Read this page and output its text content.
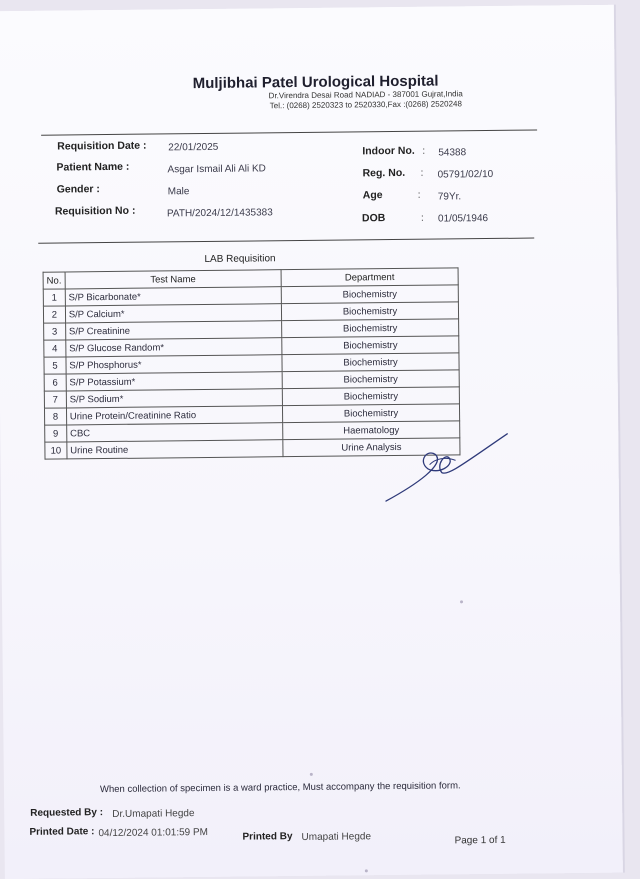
Muljibhai Patel Urological Hospital
Dr.Virendra Desai Road NADIAD - 387001 Gujrat,India
Tel.: (0268) 2520323 to 2520330,Fax :(0268) 2520248
Requisition Date : 22/01/2025
Patient Name :	Asgar Ismail Ali Ali KD
Gender :	Male
Requisition No :	PATH/2024/12/1435383
Indoor No. : 54388
Reg. No. : 05791/02/10
Age	: 79Yr.
DOB	: 01/05/1946
LAB Requisition
No.	Test Name	Department
1	S/P Bicarbonate*	Biochemistry
2	S/P Calcium*	Biochemistry
3	S/P Creatinine	Biochemistry
4	S/P Glucose Random*	Biochemistry
5	S/P Phosphorus*	Biochemistry
6	S/P Potassium*	Biochemistry
7	S/P Sodium*	Biochemistry
8	Urine Protein/Creatinine Ratio	Biochemistry
9	CBC	Haematology
10	Urine Routine	Urine Analysis
When collection of specimen is a ward practice, Must accompany the requisition form.
Requested By : Dr.Umapati Hegde
Printed Date : 04/12/2024 01:01:59 PM	Printed By Umapati Hegde	Page 1 of 1
